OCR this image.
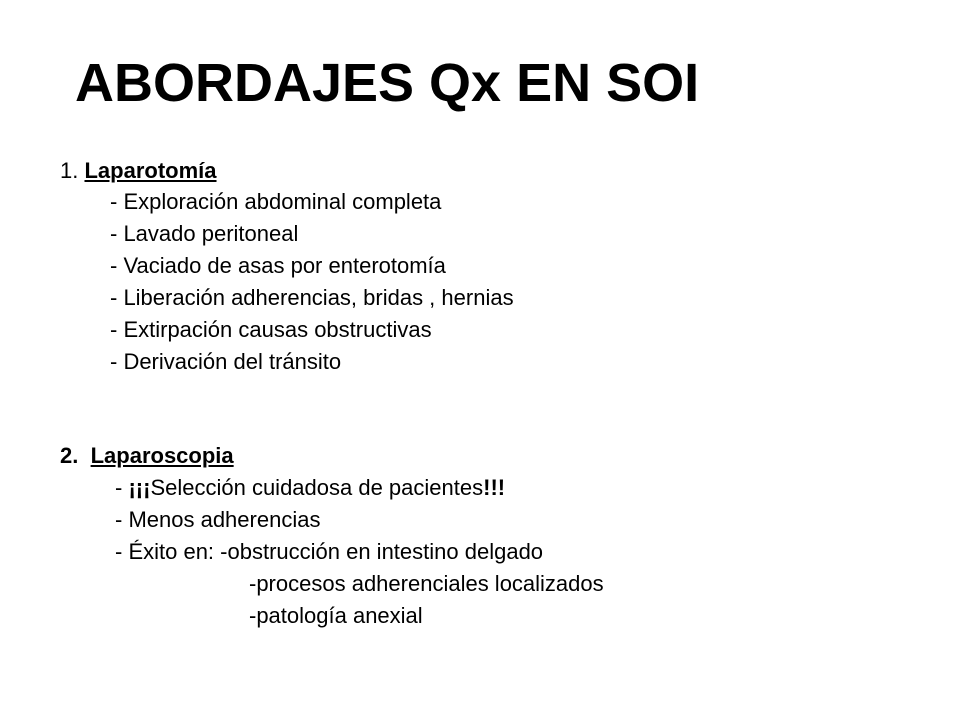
ABORDAJES Qx EN SOI
1. Laparotomía
- Exploración abdominal completa
- Lavado peritoneal
- Vaciado de asas por enterotomía
- Liberación adherencias, bridas , hernias
- Extirpación causas obstructivas
- Derivación del tránsito
2. Laparoscopia
- ¡¡¡Selección cuidadosa de pacientes!!!
- Menos adherencias
- Éxito en: -obstrucción en intestino delgado
-procesos adherenciales localizados
-patología anexial
